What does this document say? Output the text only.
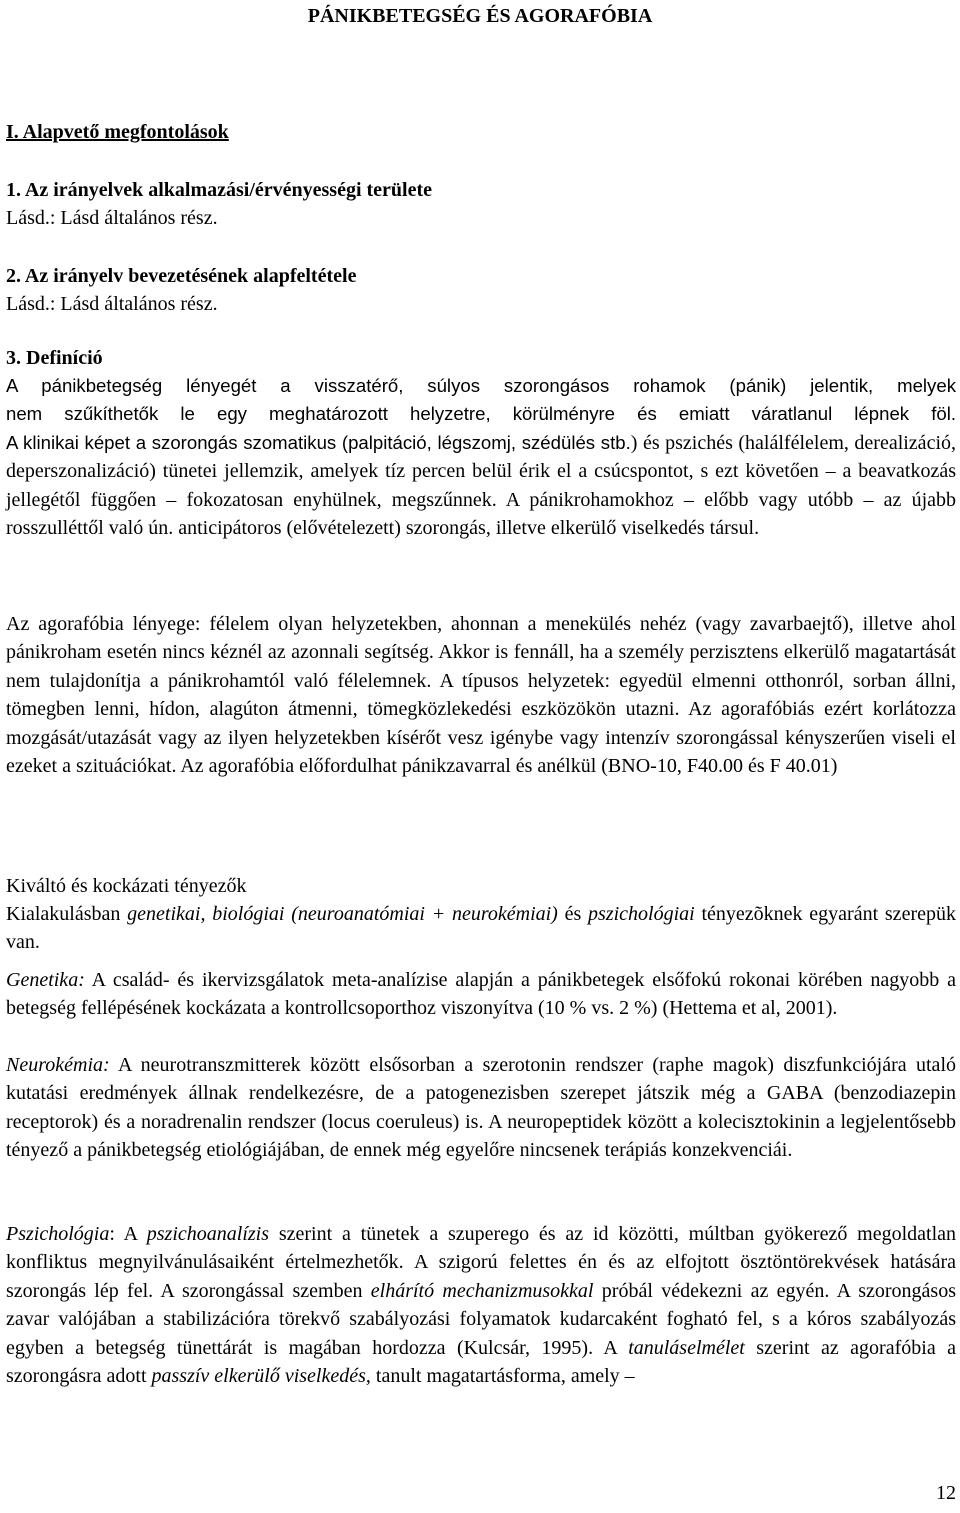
PÁNIKBETEGSÉG ÉS AGORAFÓBIA
I. Alapvető megfontolások
1. Az irányelvek alkalmazási/érvényességi területe
Lásd.: Lásd általános rész.
2. Az irányelv bevezetésének alapfeltétele
Lásd.: Lásd általános rész.
3. Definíció
A pánikbetegség lényegét a visszatérő, súlyos szorongásos rohamok (pánik) jelentik, melyek
nem szűkíthetők le egy meghatározott helyzetre, körülményre és emiatt váratlanul lépnek föl.
A klinikai képet a szorongás szomatikus (palpitáció, légszomj, szédülés stb.) és pszichés (halálfélelem, derealizáció, deperszonalizáció) tünetei jellemzik, amelyek tíz percen belül érik el a csúcspontot, s ezt követően – a beavatkozás jellegétől függően – fokozatosan enyhülnek, megszűnnek. A pánikrohamokhoz – előbb vagy utóbb – az újabb rosszulléttől való ún. anticipátoros (elővételezett) szorongás, illetve elkerülő viselkedés társul.
Az agorafóbia lényege: félelem olyan helyzetekben, ahonnan a menekülés nehéz (vagy zavarbaejtő), illetve ahol pánikroham esetén nincs kéznél az azonnali segítség. Akkor is fennáll, ha a személy perzisztens elkerülő magatartását nem tulajdonítja a pánikrohamtól való félelemnek. A típusos helyzetek: egyedül elmenni otthonról, sorban állni, tömegben lenni, hídon, alagúton átmenni, tömegközlekedési eszközökön utazni. Az agorafóbiás ezért korlátozza mozgását/utazását vagy az ilyen helyzetekben kísérőt vesz igénybe vagy intenzív szorongással kényszerűen viseli el ezeket a szituációkat. Az agorafóbia előfordulhat pánikzavarral és anélkül (BNO-10, F40.00 és F 40.01)
Kiváltó és kockázati tényezők
Kialakulásban genetikai, biológiai (neuroanatómiai + neurokémiai) és pszichológiai tényezõknek egyaránt szerepük van.
Genetika: A család- és ikervizsgálatok meta-analízise alapján a pánikbetegek elsőfokú rokonai körében nagyobb a betegség fellépésének kockázata a kontrollcsoporthoz viszonyítva (10 % vs. 2 %) (Hettema et al, 2001).
Neurokémia: A neurotranszmitterek között elsősorban a szerotonin rendszer (raphe magok) diszfunkciójára utaló kutatási eredmények állnak rendelkezésre, de a patogenezisben szerepet játszik még a GABA (benzodiazepin receptorok) és a noradrenalin rendszer (locus coeruleus) is. A neuropeptidek között a kolecisztokinin a legjelentősebb tényező a pánikbetegség etiológiájában, de ennek még egyelőre nincsenek terápiás konzekvenciái.
Pszichológia: A pszichoanalízis szerint a tünetek a szuperego és az id közötti, múltban gyökerező megoldatlan konfliktus megnyilvánulásaiként értelmezhetők. A szigorú felettes én és az elfojtott ösztöntörekvések hatására szorongás lép fel. A szorongással szemben elhárító mechanizmusokkal próbál védekezni az egyén. A szorongásos zavar valójában a stabilizációra törekvő szabályozási folyamatok kudarcaként fogható fel, s a kóros szabályozás egyben a betegség tünettárát is magában hordozza (Kulcsár, 1995). A tanuláselmélet szerint az agorafóbia a szorongásra adott passzív elkerülő viselkedés, tanult magatartásforma, amely –
12
